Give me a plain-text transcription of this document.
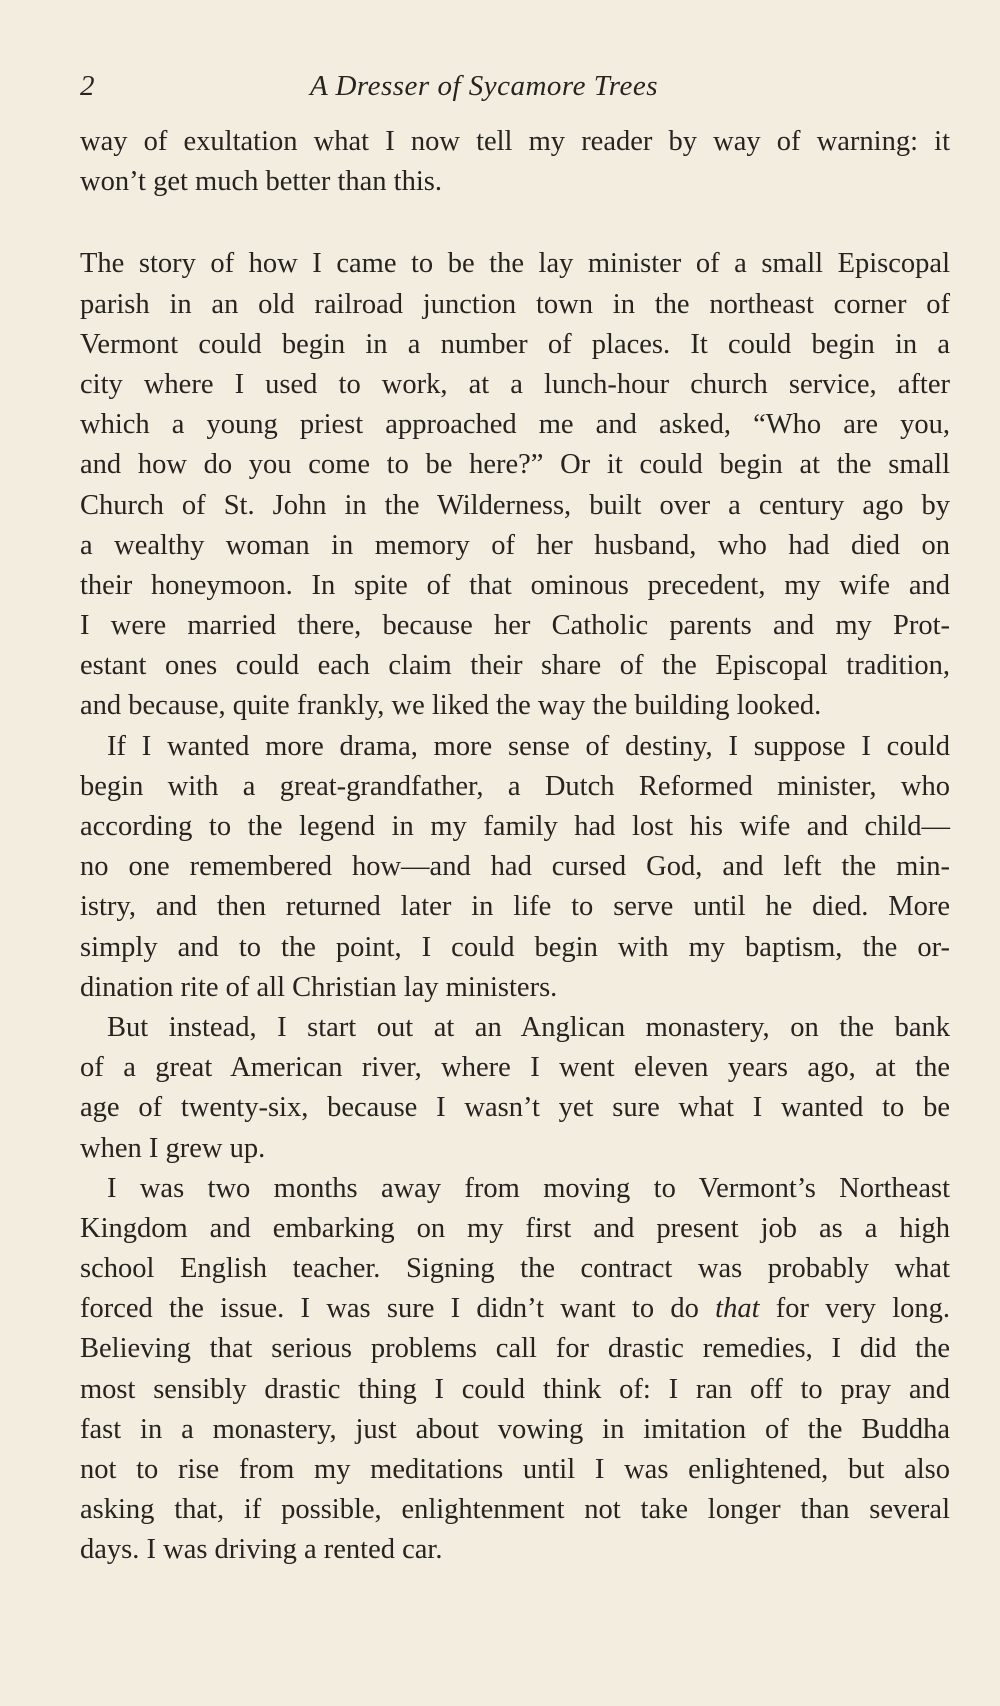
2	A Dresser of Sycamore Trees
way of exultation what I now tell my reader by way of warning: it
won’t get much better than this.
The story of how I came to be the lay minister of a small Episcopal
parish in an old railroad junction town in the northeast corner of
Vermont could begin in a number of places. It could begin in a
city where I used to work, at a lunch-hour church service, after
which a young priest approached me and asked, “Who are you,
and how do you come to be here?” Or it could begin at the small
Church of St. John in the Wilderness, built over a century ago by
a wealthy woman in memory of her husband, who had died on
their honeymoon. In spite of that ominous precedent, my wife and
I were married there, because her Catholic parents and my Prot-
estant ones could each claim their share of the Episcopal tradition,
and because, quite frankly, we liked the way the building looked.
If I wanted more drama, more sense of destiny, I suppose I could
begin with a great-grandfather, a Dutch Reformed minister, who
according to the legend in my family had lost his wife and child—
no one remembered how—and had cursed God, and left the min-
istry, and then returned later in life to serve until he died. More
simply and to the point, I could begin with my baptism, the or-
dination rite of all Christian lay ministers.
But instead, I start out at an Anglican monastery, on the bank
of a great American river, where I went eleven years ago, at the
age of twenty-six, because I wasn’t yet sure what I wanted to be
when I grew up.
I was two months away from moving to Vermont’s Northeast
Kingdom and embarking on my first and present job as a high
school English teacher. Signing the contract was probably what
forced the issue. I was sure I didn’t want to do that for very long.
Believing that serious problems call for drastic remedies, I did the
most sensibly drastic thing I could think of: I ran off to pray and
fast in a monastery, just about vowing in imitation of the Buddha
not to rise from my meditations until I was enlightened, but also
asking that, if possible, enlightenment not take longer than several
days. I was driving a rented car.
